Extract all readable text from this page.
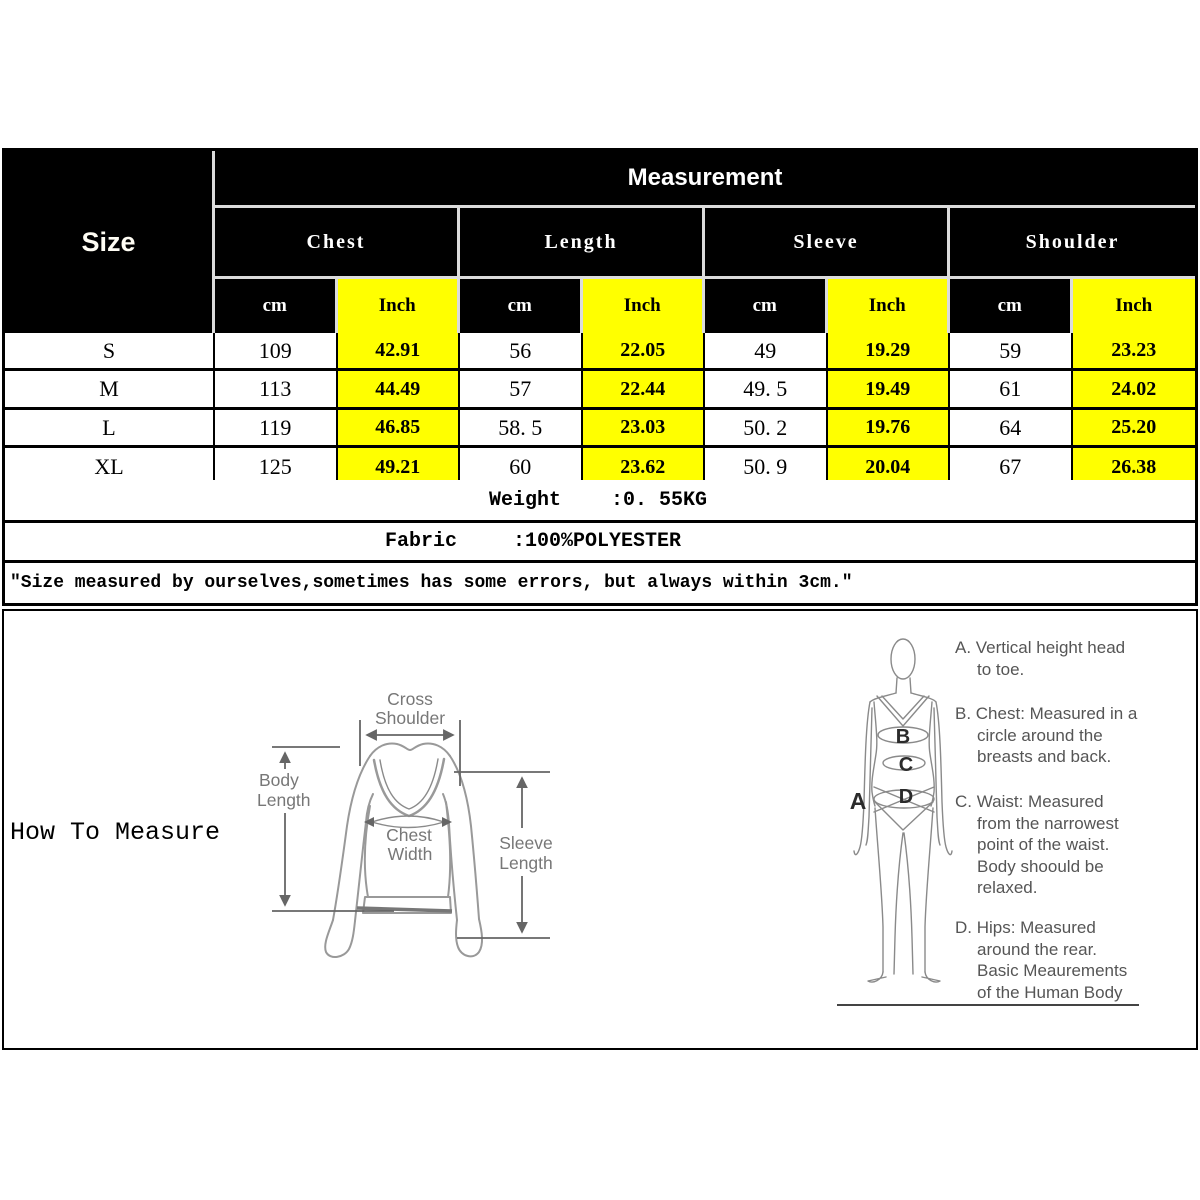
Size
Measurement
Chest	Length	Sleeve	Shoulder
cm	Inch	cm	Inch	cm	Inch	cm	Inch
S	109	42.91	56	22.05	49	19.29	59	23.23
M	113	44.49	57	22.44	49. 5	19.49	61	24.02
L	119	46.85	58. 5	23.03	50. 2	19.76	64	25.20
XL	125	49.21	60	23.62	50. 9	20.04	67	26.38
Weight	:0. 55KG
Fabric	:100%POLYESTER
″Size measured by ourselves,sometimes has some errors, but always within 3cm.″
How To Measure
Cross
Shoulder
Body
Length
Chest
Width
Sleeve
Length
A
B
C
D
A. Vertical height head
to toe.
B. Chest: Measured in a
circle around the
breasts and back.
C. Waist: Measured
from the narrowest
point of the waist.
Body shoould be
relaxed.
D. Hips: Measured
around the rear.
Basic Meaurements
of the Human Body
